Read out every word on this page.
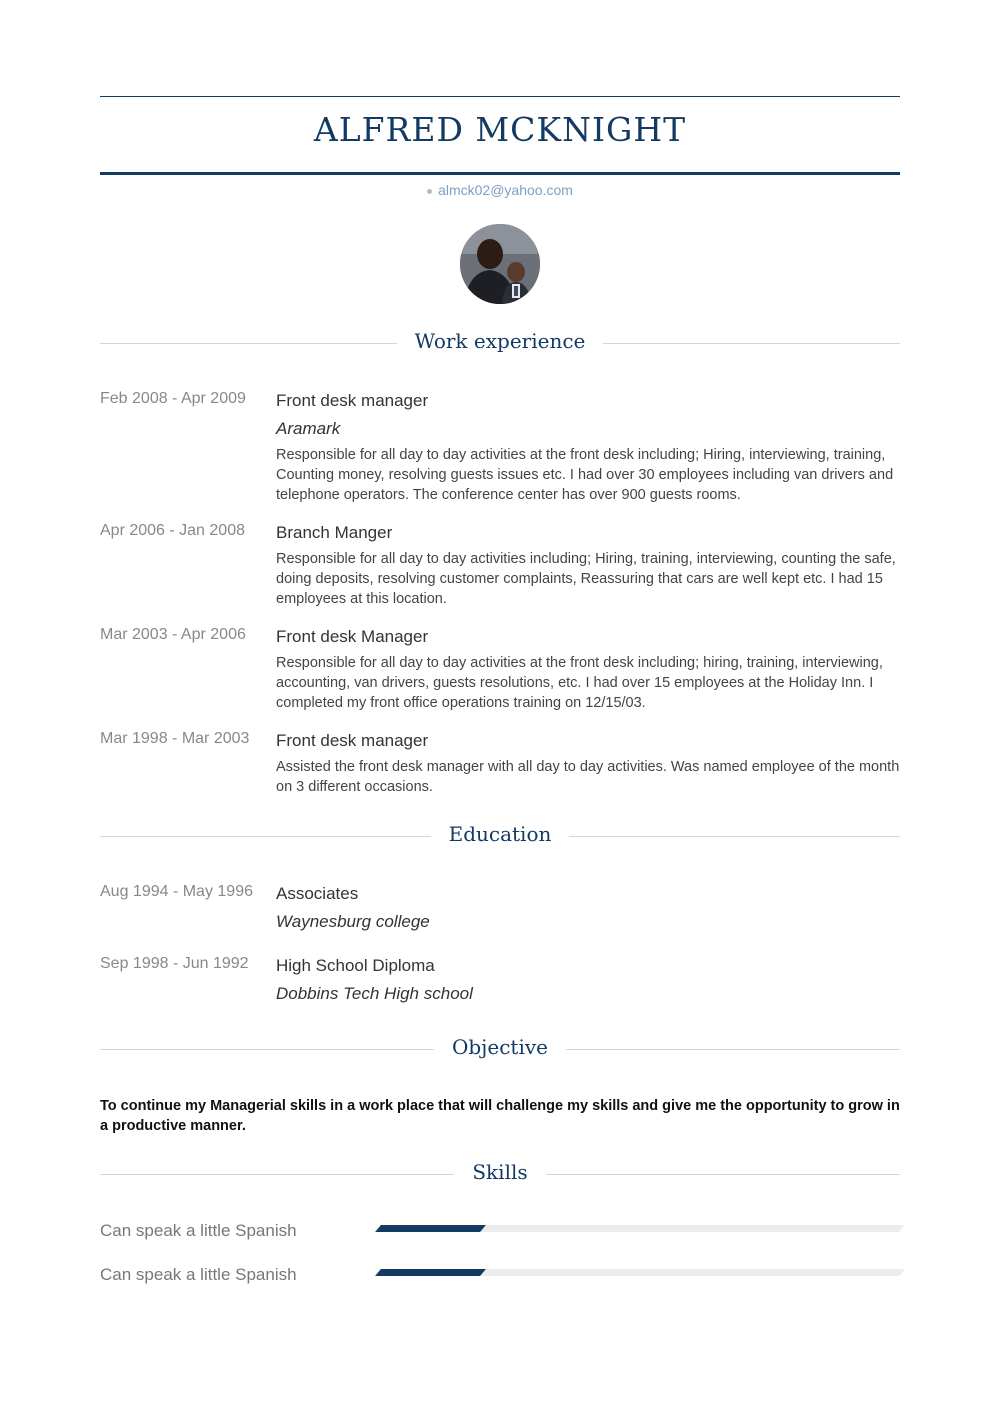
ALFRED MCKNIGHT
almck02@yahoo.com
Work experience
Feb 2008 - Apr 2009	Front desk manager
Aramark
Responsible for all day to day activities at the front desk including; Hiring, interviewing, training, Counting money, resolving guests issues etc. I had over 30 employees including van drivers and telephone operators. The conference center has over 900 guests rooms.
Apr 2006 - Jan 2008	Branch Manger
Responsible for all day to day activities including; Hiring, training, interviewing, counting the safe, doing deposits, resolving customer complaints, Reassuring that cars are well kept etc. I had 15 employees at this location.
Mar 2003 - Apr 2006	Front desk Manager
Responsible for all day to day activities at the front desk including; hiring, training, interviewing, accounting, van drivers, guests resolutions, etc. I had over 15 employees at the Holiday Inn. I completed my front office operations training on 12/15/03.
Mar 1998 - Mar 2003	Front desk manager
Assisted the front desk manager with all day to day activities. Was named employee of the month on 3 different occasions.
Education
Aug 1994 - May 1996	Associates
Waynesburg college
Sep 1998 - Jun 1992	High School Diploma
Dobbins Tech High school
Objective
To continue my Managerial skills in a work place that will challenge my skills and give me the opportunity to grow in a productive manner.
Skills
Can speak a little Spanish
Can speak a little Spanish
